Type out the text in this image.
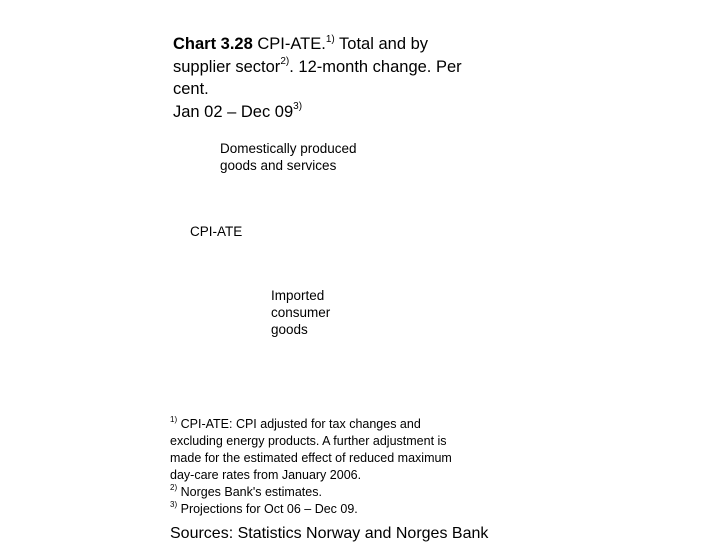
Chart 3.28 CPI-ATE.$^{1)}$ Total and by
supplier sector$^{2)}$. 12-month change. Per
cent.
Jan 02 – Dec 09$^{3)}$
Domestically produced
goods and services
CPI-ATE
Imported
consumer
goods
$^{1)}$ CPI-ATE: CPI adjusted for tax changes and
excluding energy products. A further adjustment is
made for the estimated effect of reduced maximum
day-care rates from January 2006.
$^{2)}$ Norges Bank's estimates.
$^{3)}$ Projections for Oct 06 – Dec 09.
Sources: Statistics Norway and Norges Bank
